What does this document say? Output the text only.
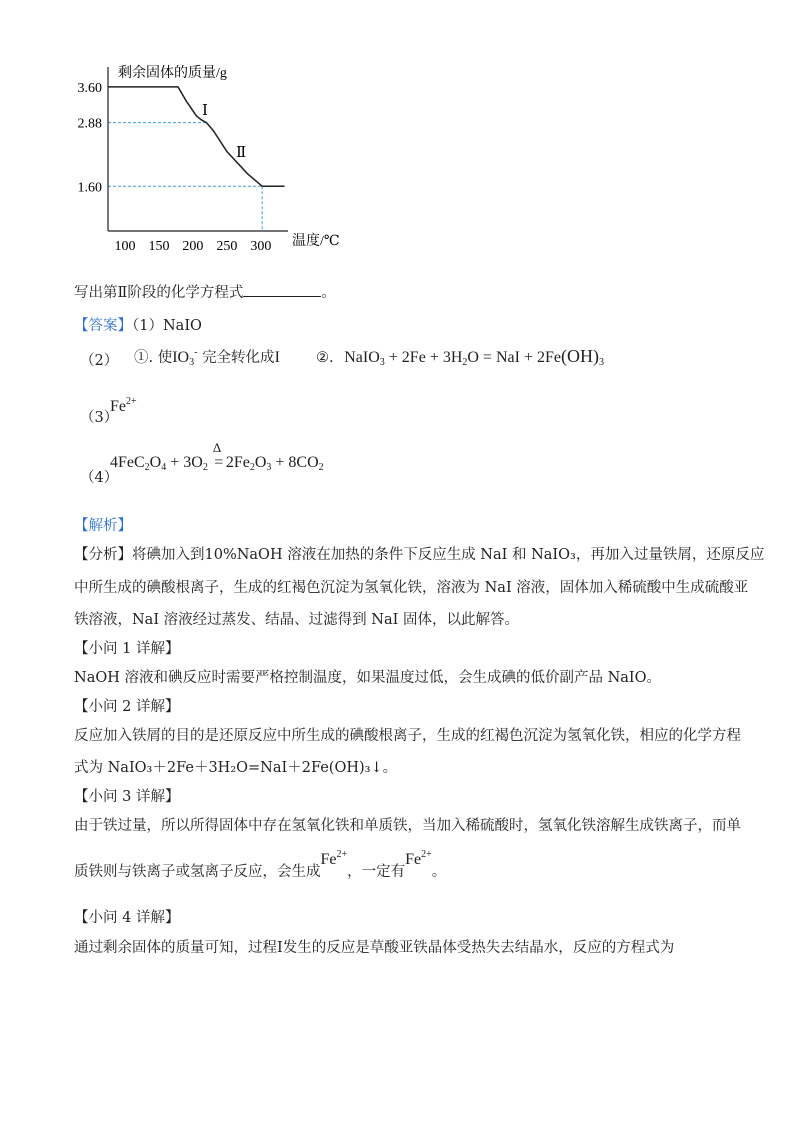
100 150 200 250 300
3.60
2.88
1.60
剩余固体的质量/g
温度/℃
Ⅰ
Ⅱ
写出第Ⅱ阶段的化学方程式	。
【答案】（1）NaIO
（2） ①. 使$IO_3^-$ 完全转化成I ②. NaIO$_3$ + $2Fe + 3H_2O$ = NaI + $2Fe(OH)_3$
（3）
$Fe^{2+}$
（4）
$4FeC_2O_4 + 3O_2$
Δ
= $2Fe_2O_3 + 8CO_2$
【解析】
【分析】将碘加入到10%NaOH 溶液在加热的条件下反应生成 NaI 和 NaIO₃，再加入过量铁屑，还原反应
中所生成的碘酸根离子，生成的红褐色沉淀为氢氧化铁，溶液为 NaI 溶液，固体加入稀硫酸中生成硫酸亚
铁溶液，NaI 溶液经过蒸发、结晶、过滤得到 NaI 固体，以此解答。
【小问 1 详解】
NaOH 溶液和碘反应时需要严格控制温度，如果温度过低，会生成碘的低价副产品 NaIO。
【小问 2 详解】
反应加入铁屑的目的是还原反应中所生成的碘酸根离子，生成的红褐色沉淀为氢氧化铁，相应的化学方程
式为 NaIO₃＋2Fe＋3H₂O=NaI＋2Fe(OH)₃↓。
【小问 3 详解】
由于铁过量，所以所得固体中存在氢氧化铁和单质铁，当加入稀硫酸时，氢氧化铁溶解生成铁离子，而单
质铁则与铁离子或氢离子反应，会生成$Fe^{2+}$，一定有$Fe^{2+}$。
【小问 4 详解】
通过剩余固体的质量可知，过程Ⅰ发生的反应是草酸亚铁晶体受热失去结晶水，反应的方程式为
